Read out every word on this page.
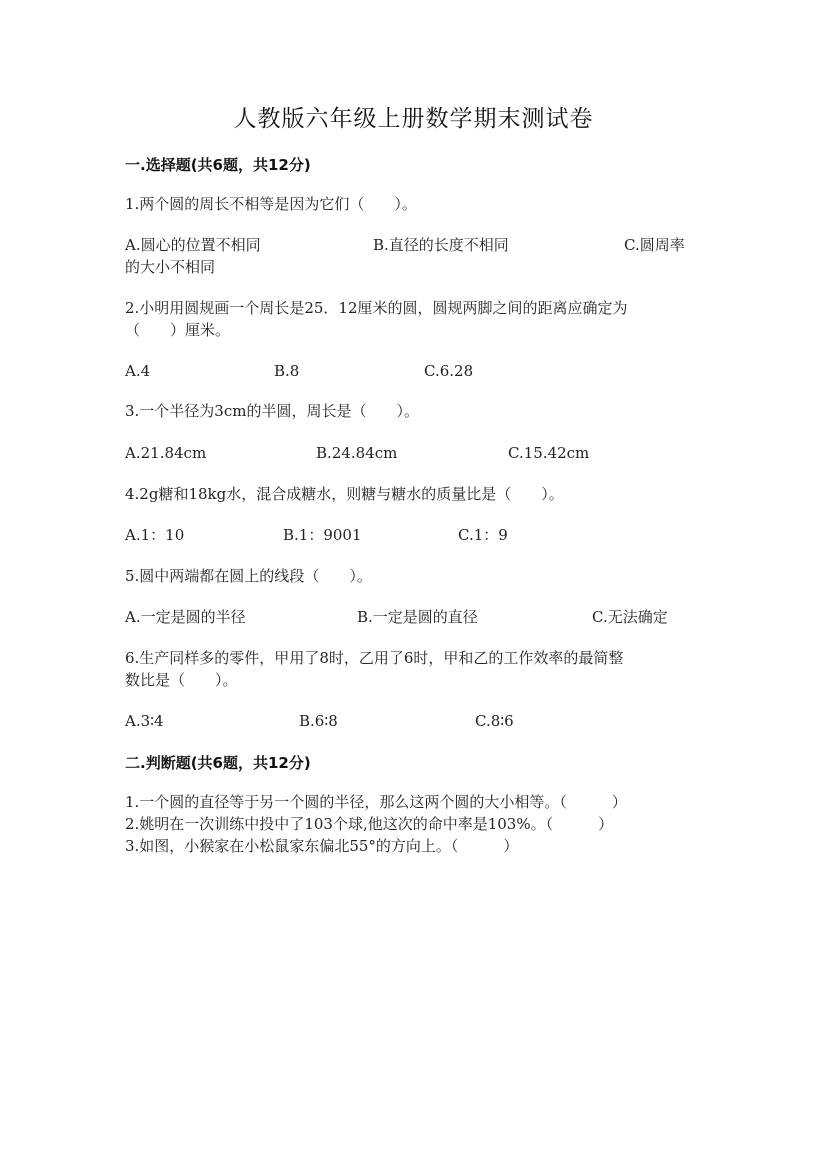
人教版六年级上册数学期末测试卷
一.选择题(共6题，共12分)
1.两个圆的周长不相等是因为它们（　　）。
A.圆心的位置不相同	B.直径的长度不相同	C.圆周率
的大小不相同
2.小明用圆规画一个周长是25．12厘米的圆，圆规两脚之间的距离应确定为
（　　）厘米。
A.4	B.8	C.6.28
3.一个半径为3cm的半圆，周长是（　　）。
A.21.84cm	B.24.84cm	C.15.42cm
4.2g糖和18kg水，混合成糖水，则糖与糖水的质量比是（　　）。
A.1：10	B.1：9001	C.1：9
5.圆中两端都在圆上的线段（　　）。
A.一定是圆的半径	B.一定是圆的直径	C.无法确定
6.生产同样多的零件，甲用了8时，乙用了6时，甲和乙的工作效率的最简整
数比是（　　）。
A.3∶4	B.6∶8	C.8∶6
二.判断题(共6题，共12分)
1.一个圆的直径等于另一个圆的半径，那么这两个圆的大小相等。（　　　）
2.姚明在一次训练中投中了103个球,他这次的命中率是103%。（　　　）
3.如图，小猴家在小松鼠家东偏北55°的方向上。（　　　）
